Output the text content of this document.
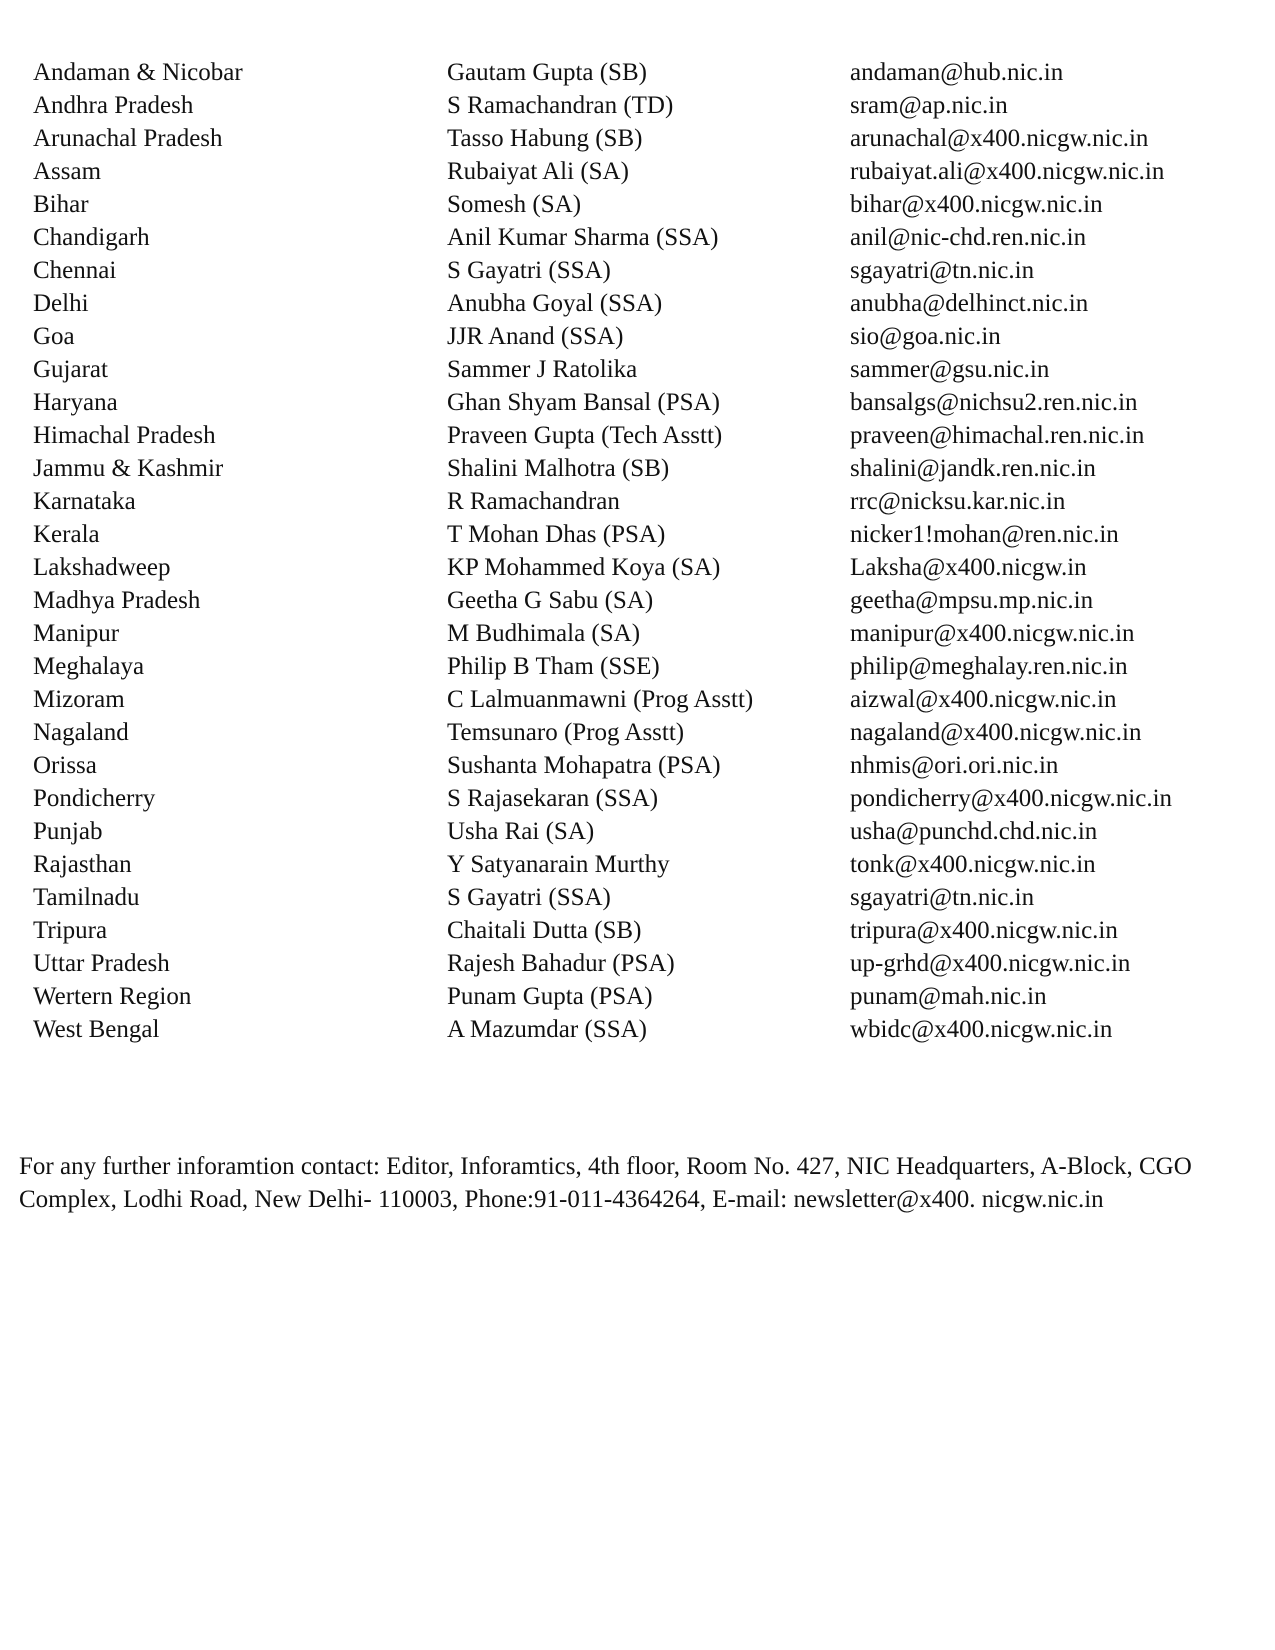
Andaman & Nicobar	Gautam Gupta (SB)	andaman@hub.nic.in
Andhra Pradesh	S Ramachandran (TD)	sram@ap.nic.in
Arunachal Pradesh	Tasso Habung (SB)	arunachal@x400.nicgw.nic.in
Assam	Rubaiyat Ali (SA)	rubaiyat.ali@x400.nicgw.nic.in
Bihar	Somesh (SA)	bihar@x400.nicgw.nic.in
Chandigarh	Anil Kumar Sharma (SSA)	anil@nic-chd.ren.nic.in
Chennai	S Gayatri (SSA)	sgayatri@tn.nic.in
Delhi	Anubha Goyal (SSA)	anubha@delhinct.nic.in
Goa	JJR Anand (SSA)	sio@goa.nic.in
Gujarat	Sammer J Ratolika	sammer@gsu.nic.in
Haryana	Ghan Shyam Bansal (PSA)	bansalgs@nichsu2.ren.nic.in
Himachal Pradesh	Praveen Gupta (Tech Asstt)	praveen@himachal.ren.nic.in
Jammu & Kashmir	Shalini Malhotra (SB)	shalini@jandk.ren.nic.in
Karnataka	R Ramachandran	rrc@nicksu.kar.nic.in
Kerala	T Mohan Dhas (PSA)	nicker1!mohan@ren.nic.in
Lakshadweep	KP Mohammed Koya (SA)	Laksha@x400.nicgw.in
Madhya Pradesh	Geetha G Sabu (SA)	geetha@mpsu.mp.nic.in
Manipur	M Budhimala (SA)	manipur@x400.nicgw.nic.in
Meghalaya	Philip B Tham (SSE)	philip@meghalay.ren.nic.in
Mizoram	C Lalmuanmawni (Prog Asstt)	aizwal@x400.nicgw.nic.in
Nagaland	Temsunaro (Prog Asstt)	nagaland@x400.nicgw.nic.in
Orissa	Sushanta Mohapatra (PSA)	nhmis@ori.ori.nic.in
Pondicherry	S Rajasekaran (SSA)	pondicherry@x400.nicgw.nic.in
Punjab	Usha Rai (SA)	usha@punchd.chd.nic.in
Rajasthan	Y Satyanarain Murthy	tonk@x400.nicgw.nic.in
Tamilnadu	S Gayatri (SSA)	sgayatri@tn.nic.in
Tripura	Chaitali Dutta (SB)	tripura@x400.nicgw.nic.in
Uttar Pradesh	Rajesh Bahadur (PSA)	up-grhd@x400.nicgw.nic.in
Wertern Region	Punam Gupta (PSA)	punam@mah.nic.in
West Bengal	A Mazumdar (SSA)	wbidc@x400.nicgw.nic.in

For any further inforamtion contact: Editor, Inforamtics, 4th floor, Room No. 427, NIC Headquarters, A-Block, CGO Complex, Lodhi Road, New Delhi- 110003, Phone:91-011-4364264, E-mail: newsletter@x400. nicgw.nic.in
